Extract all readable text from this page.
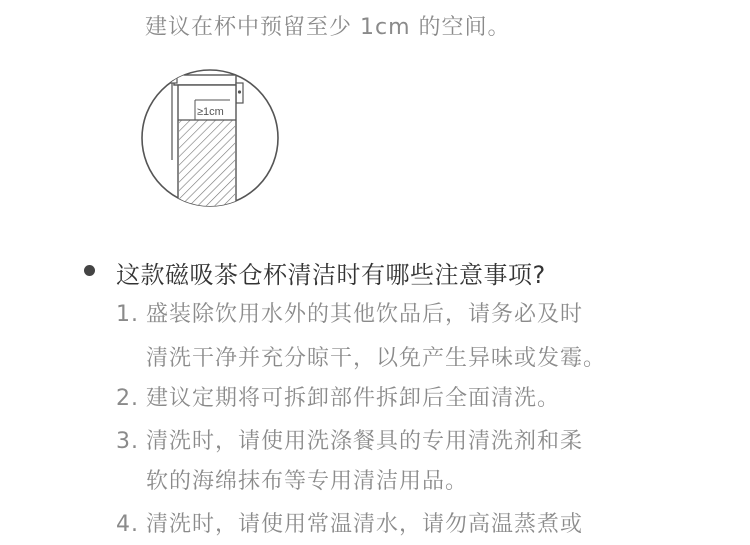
建议在杯中预留至少 1cm 的空间。
≥1cm
这款磁吸茶仓杯清洁时有哪些注意事项?
1. 盛装除饮用水外的其他饮品后，请务必及时
清洗干净并充分晾干，以免产生异味或发霉。
2. 建议定期将可拆卸部件拆卸后全面清洗。
3. 清洗时，请使用洗涤餐具的专用清洗剂和柔
软的海绵抹布等专用清洁用品。
4. 清洗时，请使用常温清水，请勿高温蒸煮或
